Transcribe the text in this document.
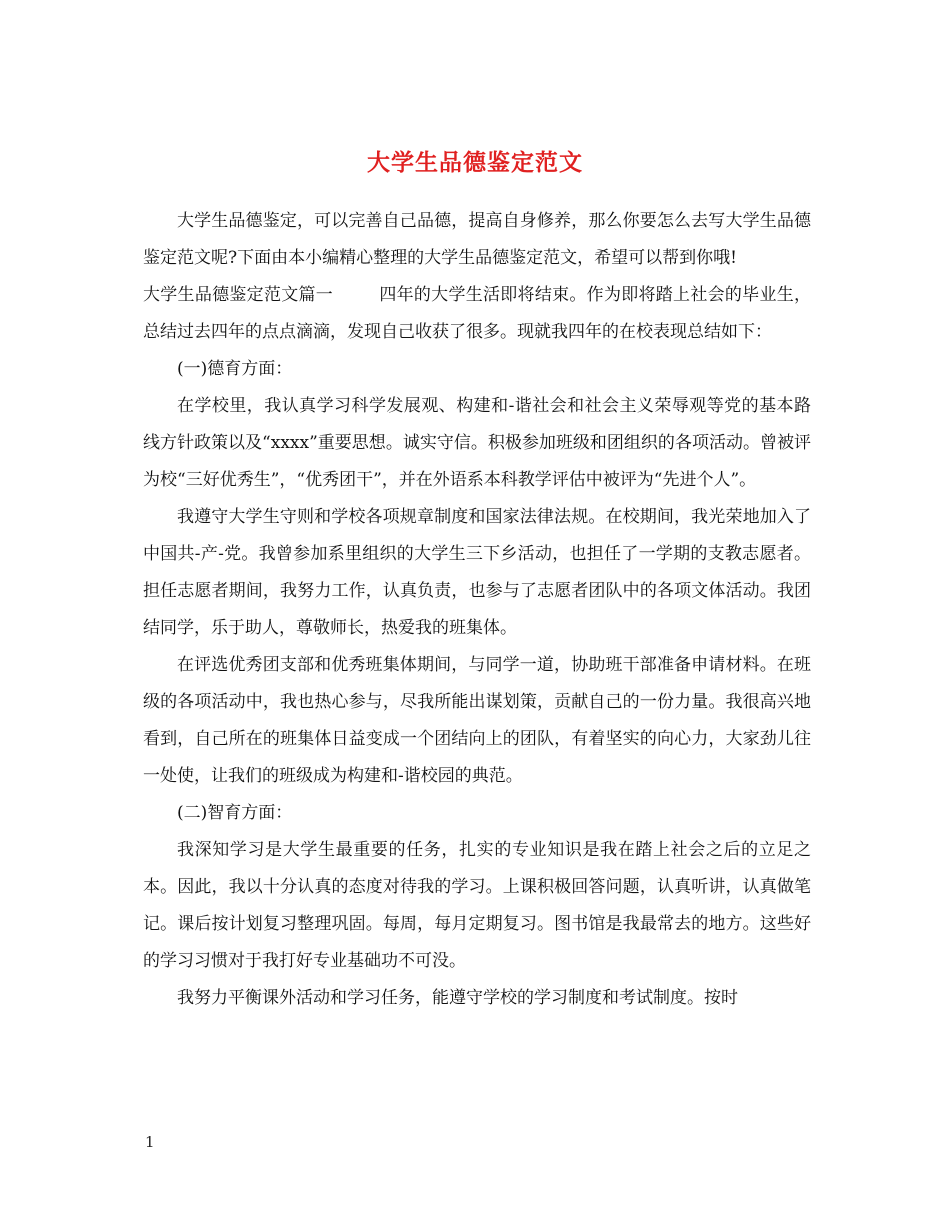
大学生品德鉴定范文

大学生品德鉴定，可以完善自己品德，提高自身修养，那么你要怎么去写大学生品德鉴定范文呢?下面由本小编精心整理的大学生品德鉴定范文，希望可以帮到你哦!

大学生品德鉴定范文篇一	四年的大学生活即将结束。作为即将踏上社会的毕业生，总结过去四年的点点滴滴，发现自己收获了很多。现就我四年的在校表现总结如下：

(一)德育方面：

在学校里，我认真学习科学发展观、构建和-谐社会和社会主义荣辱观等党的基本路线方针政策以及“xxxx”重要思想。诚实守信。积极参加班级和团组织的各项活动。曾被评为校“三好优秀生”，“优秀团干”，并在外语系本科教学评估中被评为“先进个人”。

我遵守大学生守则和学校各项规章制度和国家法律法规。在校期间，我光荣地加入了中国共-产-党。我曾参加系里组织的大学生三下乡活动，也担任了一学期的支教志愿者。担任志愿者期间，我努力工作，认真负责，也参与了志愿者团队中的各项文体活动。我团结同学，乐于助人，尊敬师长，热爱我的班集体。

在评选优秀团支部和优秀班集体期间，与同学一道，协助班干部准备申请材料。在班级的各项活动中，我也热心参与，尽我所能出谋划策，贡献自己的一份力量。我很高兴地看到，自己所在的班集体日益变成一个团结向上的团队，有着坚实的向心力，大家劲儿往一处使，让我们的班级成为构建和-谐校园的典范。

(二)智育方面：

我深知学习是大学生最重要的任务，扎实的专业知识是我在踏上社会之后的立足之本。因此，我以十分认真的态度对待我的学习。上课积极回答问题，认真听讲，认真做笔记。课后按计划复习整理巩固。每周，每月定期复习。图书馆是我最常去的地方。这些好的学习习惯对于我打好专业基础功不可没。

我努力平衡课外活动和学习任务，能遵守学校的学习制度和考试制度。按时

1
